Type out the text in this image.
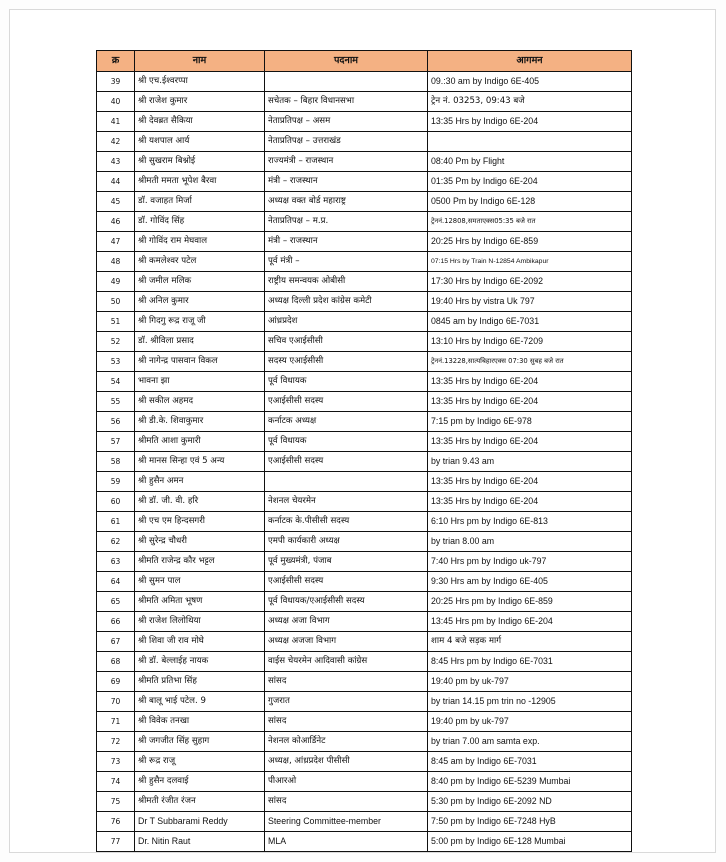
क्र	नाम	पदनाम	आगमन
39	श्री एच.ईश्वरप्पा		09.:30 am by Indigo 6E-405
40	श्री राजेश कुमार	सचेतक – बिहार विधानसभा	ट्रेन नं. 03253, 09:43 बजे
41	श्री देवब्रत सैकिया	नेताप्रतिपक्ष – असम	13:35 Hrs by Indigo 6E-204
42	श्री यशपाल आर्य	नेताप्रतिपक्ष – उत्तराखंड	
43	श्री सुखराम बिश्नोई	राज्यमंत्री – राजस्थान	08:40 Pm by Flight
44	श्रीमती ममता भूपेश बैरवा	मंत्री – राजस्थान	01:35 Pm by Indigo 6E-204
45	डॉ. वजाहत मिर्जा	अध्यक्ष वक्त बोर्ड महाराष्ट्र	0500 Pm by Indigo 6E-128
46	डॉ. गोविंद सिंह	नेताप्रतिपक्ष – म.प्र.	ट्रेननं.12808,समताएक्स05:35 बजे रात
47	श्री गोविंद राम मेघवाल	मंत्री – राजस्थान	20:25 Hrs by Indigo 6E-859
48	श्री कमलेश्वर पटेल	पूर्व मंत्री –	07:15 Hrs by Train N-12854 Ambikapur
49	श्री जमील मलिक	राष्ट्रीय समन्वयक ओबीसी	17:30 Hrs by Indigo 6E-2092
50	श्री अनिल कुमार	अध्यक्ष दिल्ली प्रदेश कांग्रेस कमेटी	19:40 Hrs by vistra Uk 797
51	श्री गिदगु रूद्र राजू जी	आंध्रप्रदेश	0845 am by Indigo 6E-7031
52	डॉ. श्रीविला प्रसाद	सचिव एआईसीसी	13:10 Hrs by Indigo 6E-7209
53	श्री नागेन्द्र पासवान विकल	सदस्य एआईसीसी	ट्रेननं.13228,सात्यबिहारएक्स 07:30 सुबह बजे रात
54	भावना झा	पूर्व विधायक	13:35 Hrs by Indigo 6E-204
55	श्री सकील अहमद	एआईसीसी सदस्य	13:35 Hrs by Indigo 6E-204
56	श्री डी.के. शिवाकुमार	कर्नाटक अध्यक्ष	7:15 pm by Indigo 6E-978
57	श्रीमति आशा कुमारी	पूर्व विधायक	13:35 Hrs by Indigo 6E-204
58	श्री मानस सिन्हा एवं 5 अन्य	एआईसीसी सदस्य	by trian 9.43 am
59	श्री हुसैन अमन		13:35 Hrs by Indigo 6E-204
60	श्री डॉ. जी. वी. हरि	नेशनल चेयरमेन	13:35 Hrs by Indigo 6E-204
61	श्री एच एम हिन्दसगरी	कर्नाटक के.पीसीसी सदस्य	6:10 Hrs pm by Indigo 6E-813
62	श्री सुरेन्द्र चौधरी	एमपी कार्यकारी अध्यक्ष	by trian 8.00 am
63	श्रीमति राजेन्द्र कौर भट्टल	पूर्व मुख्यमंत्री, पंजाब	7:40 Hrs pm by Indigo uk-797
64	श्री सुमन पाल	एआईसीसी सदस्य	9:30 Hrs am by Indigo 6E-405
65	श्रीमति अमिता भूषण	पूर्व विधायक/एआईसीसी सदस्य	20:25 Hrs pm by Indigo 6E-859
66	श्री राजेश लिलोथिया	अध्यक्ष अजा विभाग	13:45 Hrs pm by Indigo 6E-204
67	श्री शिवा जी राव मोघे	अध्यक्ष अजजा विभाग	शाम 4 बजे सड़क मार्ग
68	श्री डॉ. बेल्लाईह नायक	वाईस चेयरमेन आदिवासी कांग्रेस	8:45 Hrs pm by Indigo 6E-7031
69	श्रीमति प्रतिभा सिंह	सांसद	19:40 pm by uk-797
70	श्री बालू भाई पटेल. 9	गुजरात	by trian 14.15 pm trin no -12905
71	श्री विवेक तनखा	सांसद	19:40 pm by uk-797
72	श्री जगजीत सिंह सुहाग	नेशनल कोआर्डिनेट	by trian 7.00 am samta exp.
73	श्री रूद्र राजू	अध्यक्ष, आंध्रप्रदेश पीसीसी	8:45 am by Indigo 6E-7031
74	श्री हुसैन दलवाई	पीआरओ	8:40 pm by Indigo 6E-5239 Mumbai
75	श्रीमती रंजीत रंजन	सांसद	5:30 pm by Indigo 6E-2092 ND
76	Dr T Subbarami Reddy	Steering Committee-member	7:50 pm by Indigo 6E-7248 HyB
77	Dr. Nitin Raut	MLA	5:00 pm by Indigo 6E-128 Mumbai
